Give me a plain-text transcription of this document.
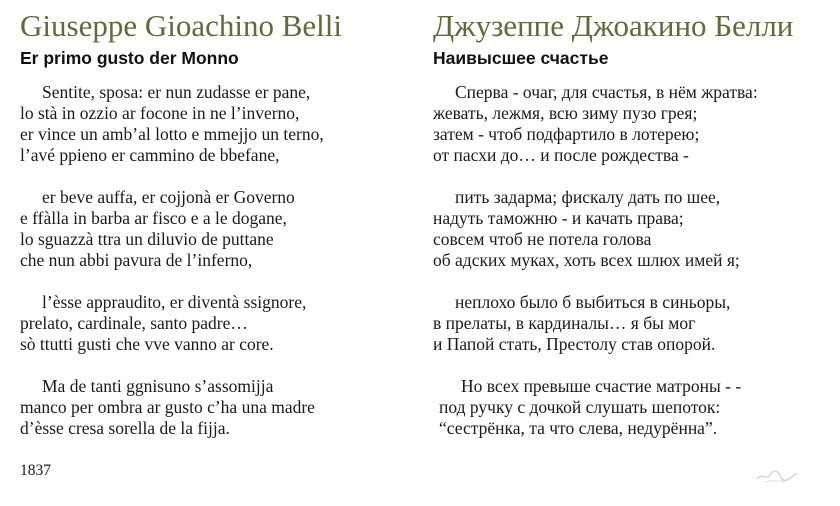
Giuseppe Gioachino Belli
Er primo gusto der Monno
Sentite, sposa: er nun zudasse er pane,
lo stà in ozzio ar focone in ne l’inverno,
er vince un amb’al lotto e mmejjo un terno,
l’avé ppieno er cammino de bbefane,
er beve auffa, er cojjonà er Governo
e ffàlla in barba ar fisco e a le dogane,
lo sguazzà ttra un diluvio de puttane
che nun abbi pavura de l’inferno,
l’èsse appraudito, er diventà ssignore,
prelato, cardinale, santo padre…
sò ttutti gusti che vve vanno ar core.
Ma de tanti ggnisuno s’assomijja
manco per ombra ar gusto c’ha una madre
d’èsse cresa sorella de la fijja.
1837
Джузеппе Джоакино Белли
Наивысшее счастье
Сперва - очаг, для счастья, в нём жратва:
жевать, лежмя, всю зиму пузо грея;
затем - чтоб подфартило в лотерею;
от пасхи до… и после рождества -
пить задарма; фискалу дать по шее,
надуть таможню - и качать права;
совсем чтоб не потела голова
об адских муках, хоть всех шлюх имей я;
неплохо было б выбиться в синьоры,
в прелаты, в кардиналы… я бы мог
и Папой стать, Престолу став опорой.
Но всех превыше счастие матроны - -
под ручку с дочкой слушать шепоток:
“сестрёнка, та что слева, недурённа”.
